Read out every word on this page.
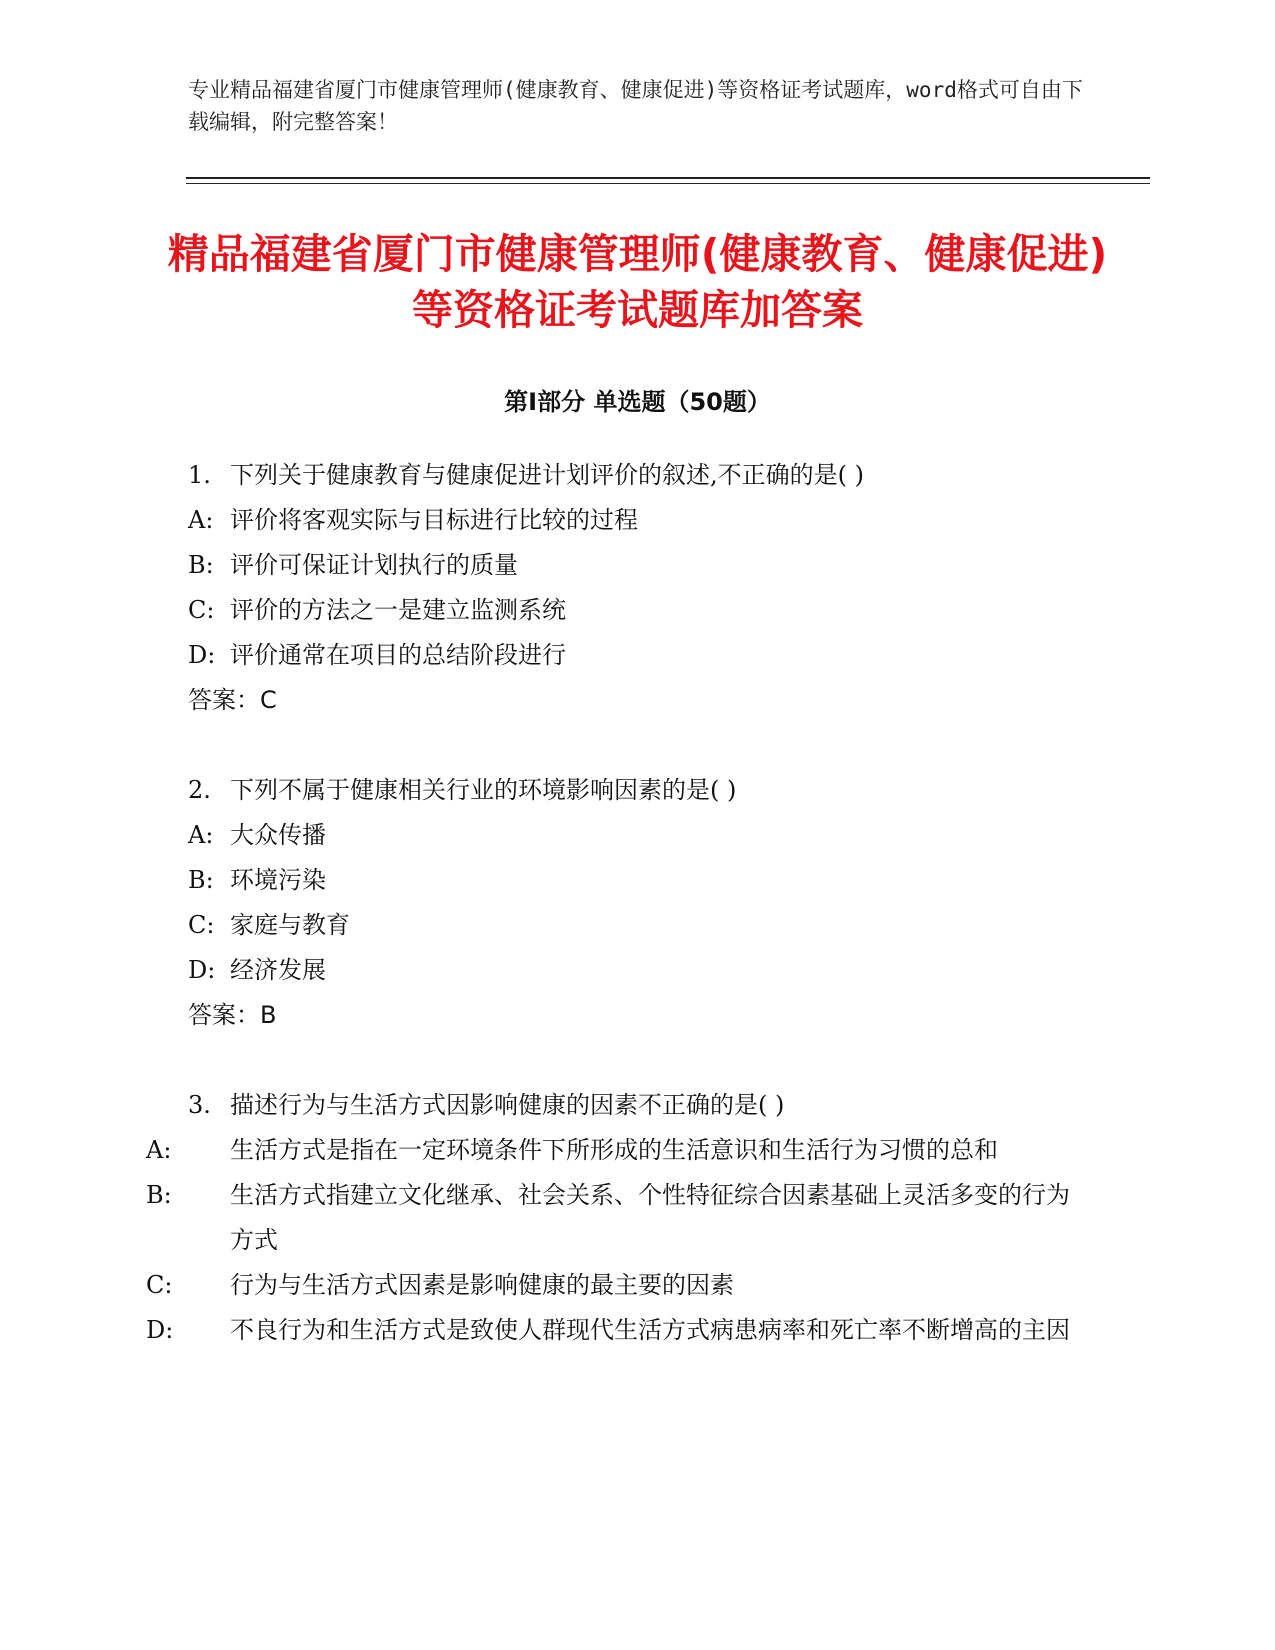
专业精品福建省厦门市健康管理师(健康教育、健康促进)等资格证考试题库，word格式可自由下载编辑，附完整答案！

精品福建省厦门市健康管理师(健康教育、健康促进)等资格证考试题库加答案
第Ⅰ部分 单选题（50题）

1. 下列关于健康教育与健康促进计划评价的叙述,不正确的是( )

A: 评价将客观实际与目标进行比较的过程

B: 评价可保证计划执行的质量

C: 评价的方法之一是建立监测系统

D: 评价通常在项目的总结阶段进行

答案：C

2. 下列不属于健康相关行业的环境影响因素的是( )

A: 大众传播

B: 环境污染

C: 家庭与教育

D: 经济发展

答案：B

3. 描述行为与生活方式因影响健康的因素不正确的是( )

A: 生活方式是指在一定环境条件下所形成的生活意识和生活行为习惯的总和

B: 生活方式指建立文化继承、社会关系、个性特征综合因素基础上灵活多变的行为方式

C: 行为与生活方式因素是影响健康的最主要的因素

D: 不良行为和生活方式是致使人群现代生活方式病患病率和死亡率不断增高的主因
